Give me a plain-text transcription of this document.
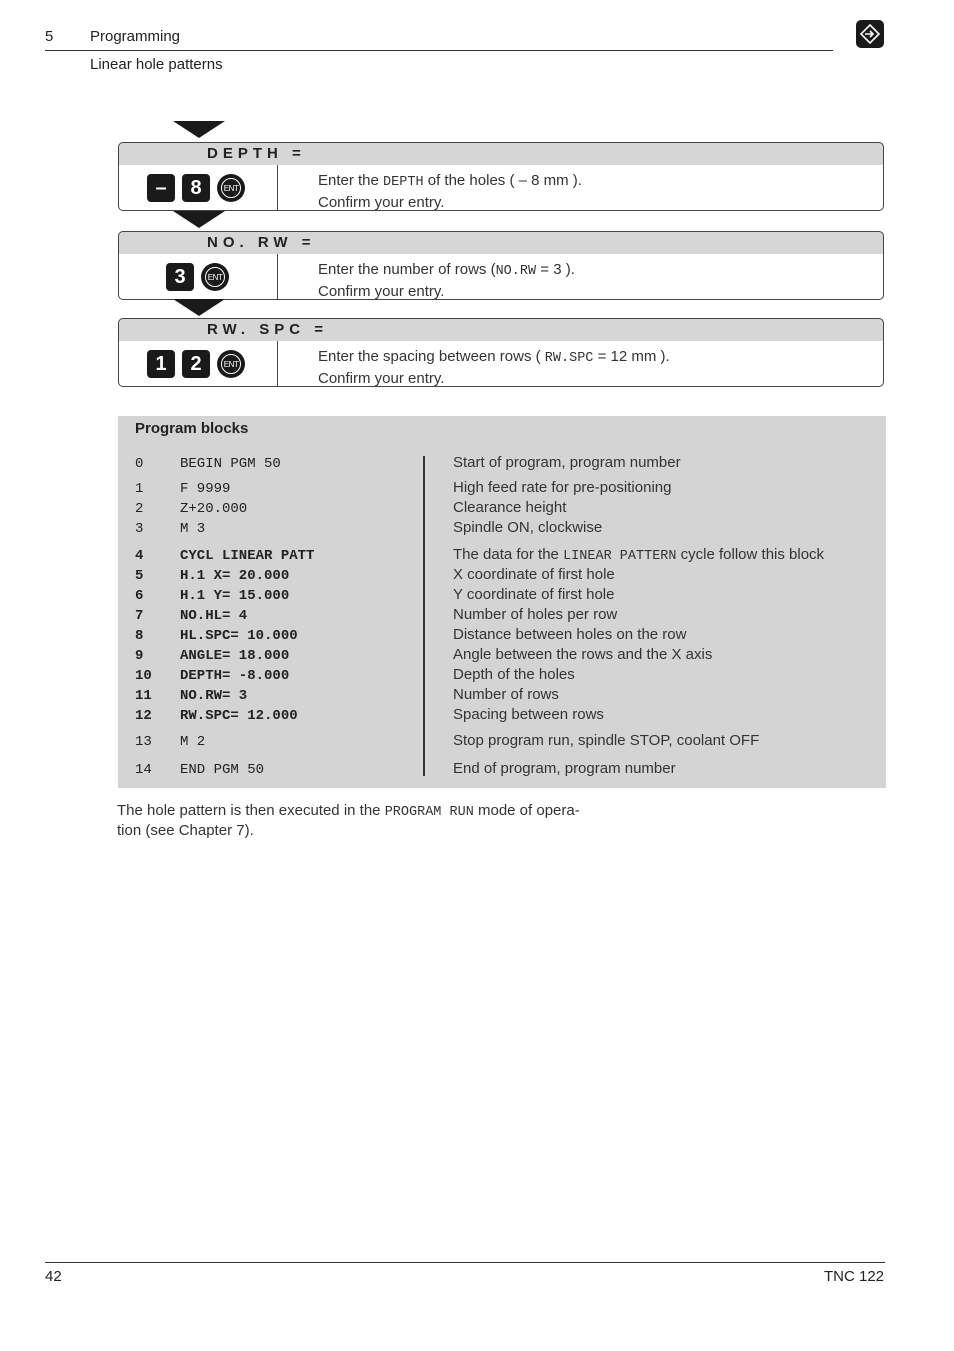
5 Programming
Linear hole patterns
DEPTH =
–	8	ENT	Enter the DEPTH of the holes ( – 8 mm ).
Confirm your entry.
NO. RW =
3	ENT	Enter the number of rows (NO.RW = 3 ).
Confirm your entry.
RW. SPC =
1	2	ENT	Enter the spacing between rows ( RW.SPC = 12 mm ).
Confirm your entry.
Program blocks
0	BEGIN PGM 50	Start of program, program number
1	F 9999	High feed rate for pre-positioning
2	Z+20.000	Clearance height
3	M 3	Spindle ON, clockwise
4	CYCL LINEAR PATT	The data for the LINEAR PATTERN cycle follow this block
5	H.1 X= 20.000	X coordinate of first hole
6	H.1 Y= 15.000	Y coordinate of first hole
7	NO.HL= 4	Number of holes per row
8	HL.SPC= 10.000	Distance between holes on the row
9	ANGLE= 18.000	Angle between the rows and the X axis
10 DEPTH= -8.000	Depth of the holes
11 NO.RW= 3	Number of rows
12 RW.SPC= 12.000	Spacing between rows
13 M 2	Stop program run, spindle STOP, coolant OFF
14 END PGM 50	End of program, program number
The hole pattern is then executed in the PROGRAM RUN mode of opera-
tion (see Chapter 7).
42	TNC 122
